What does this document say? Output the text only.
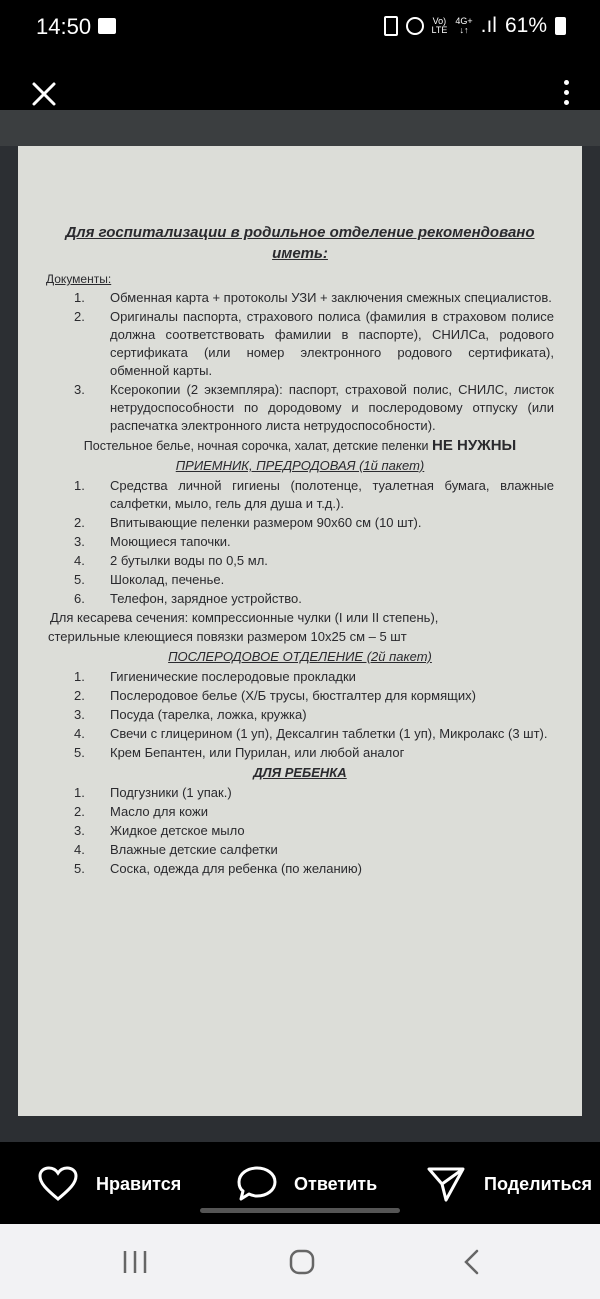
14:50	Vo)
LTE
4G+
↓↑ .ıl 61%
Для госпитализации в родильное отделение рекомендовано иметь:
Документы:
1. Обменная карта + протоколы УЗИ + заключения смежных специалистов.
2. Оригиналы паспорта, страхового полиса (фамилия в страховом полисе должна соответствовать фамилии в паспорте), СНИЛСа, родового сертификата (или номер электронного родового сертификата), обменной карты.
3. Ксерокопии (2 экземпляра): паспорт, страховой полис, СНИЛС, листок нетрудоспособности по дородовому и послеродовому отпуску (или распечатка электронного листа нетрудоспособности).
Постельное белье, ночная сорочка, халат, детские пеленки НЕ НУЖНЫ
ПРИЕМНИК, ПРЕДРОДОВАЯ (1й пакет)
1. Средства личной гигиены (полотенце, туалетная бумага, влажные салфетки, мыло, гель для душа и т.д.).
2. Впитывающие пеленки размером 90х60 см (10 шт).
3. Моющиеся тапочки.
4. 2 бутылки воды по 0,5 мл.
5. Шоколад, печенье.
6. Телефон, зарядное устройство.
Для кесарева сечения: компрессионные чулки (I или II степень),
стерильные клеющиеся повязки размером 10х25 см – 5 шт
ПОСЛЕРОДОВОЕ ОТДЕЛЕНИЕ (2й пакет)
1. Гигиенические послеродовые прокладки
2. Послеродовое белье (Х/Б трусы, бюстгалтер для кормящих)
3. Посуда (тарелка, ложка, кружка)
4. Свечи с глицерином (1 уп), Дексалгин таблетки (1 уп), Микролакс (3 шт).
5. Крем Бепантен, или Пурилан, или любой аналог
ДЛЯ РЕБЕНКА
1. Подгузники (1 упак.)
2. Масло для кожи
3. Жидкое детское мыло
4. Влажные детские салфетки
5. Соска, одежда для ребенка (по желанию)
Нравится	Ответить	Поделиться
